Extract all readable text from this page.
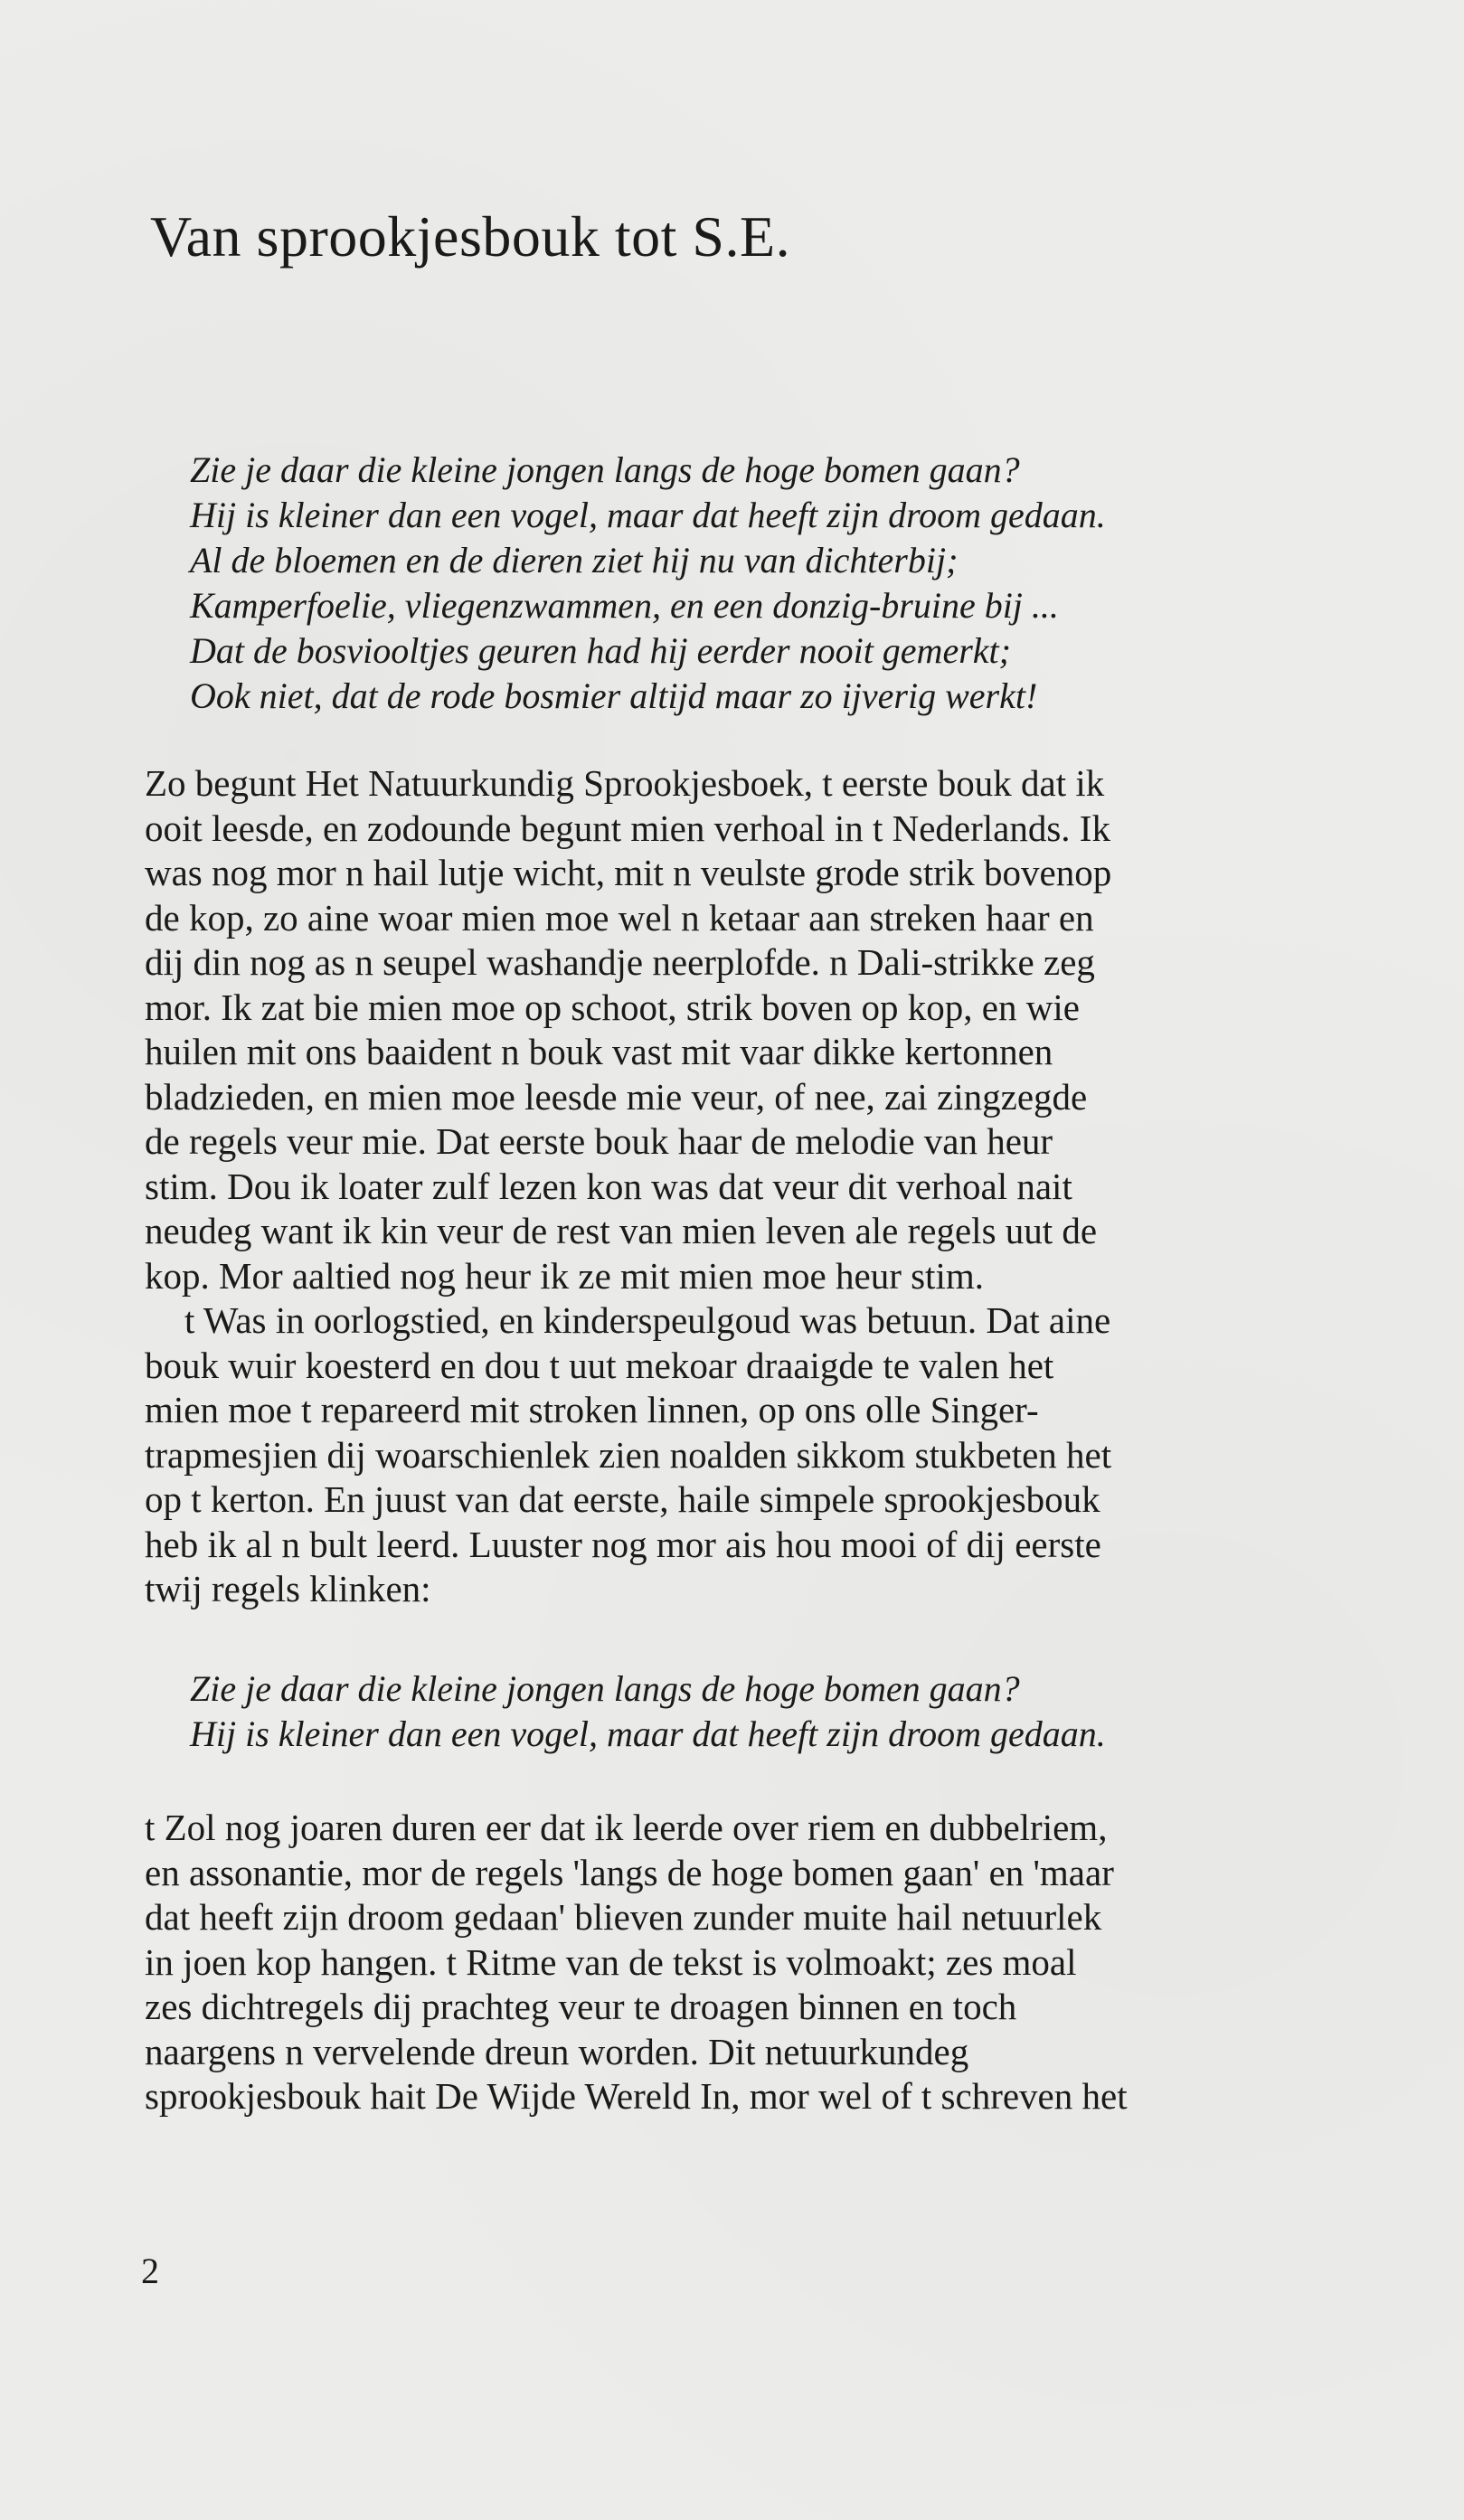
Van sprookjesbouk tot S.E.
Zie je daar die kleine jongen langs de hoge bomen gaan?
Hij is kleiner dan een vogel, maar dat heeft zijn droom gedaan.
Al de bloemen en de dieren ziet hij nu van dichterbij;
Kamperfoelie, vliegenzwammen, en een donzig-bruine bij ...
Dat de bosviooltjes geuren had hij eerder nooit gemerkt;
Ook niet, dat de rode bosmier altijd maar zo ijverig werkt!
Zo begunt Het Natuurkundig Sprookjesboek, t eerste bouk dat ik
ooit leesde, en zodounde begunt mien verhoal in t Nederlands. Ik
was nog mor n hail lutje wicht, mit n veulste grode strik bovenop
de kop, zo aine woar mien moe wel n ketaar aan streken haar en
dij din nog as n seupel washandje neerplofde. n Dali-strikke zeg
mor. Ik zat bie mien moe op schoot, strik boven op kop, en wie
huilen mit ons baaident n bouk vast mit vaar dikke kertonnen
bladzieden, en mien moe leesde mie veur, of nee, zai zingzegde
de regels veur mie. Dat eerste bouk haar de melodie van heur
stim. Dou ik loater zulf lezen kon was dat veur dit verhoal nait
neudeg want ik kin veur de rest van mien leven ale regels uut de
kop. Mor aaltied nog heur ik ze mit mien moe heur stim.
t Was in oorlogstied, en kinderspeulgoud was betuun. Dat aine
bouk wuir koesterd en dou t uut mekoar draaigde te valen het
mien moe t repareerd mit stroken linnen, op ons olle Singer-
trapmesjien dij woarschienlek zien noalden sikkom stukbeten het
op t kerton. En juust van dat eerste, haile simpele sprookjesbouk
heb ik al n bult leerd. Luuster nog mor ais hou mooi of dij eerste
twij regels klinken:
Zie je daar die kleine jongen langs de hoge bomen gaan?
Hij is kleiner dan een vogel, maar dat heeft zijn droom gedaan.
t Zol nog joaren duren eer dat ik leerde over riem en dubbelriem,
en assonantie, mor de regels 'langs de hoge bomen gaan' en 'maar
dat heeft zijn droom gedaan' blieven zunder muite hail netuurlek
in joen kop hangen. t Ritme van de tekst is volmoakt; zes moal
zes dichtregels dij prachteg veur te droagen binnen en toch
naargens n vervelende dreun worden. Dit netuurkundeg
sprookjesbouk hait De Wijde Wereld In, mor wel of t schreven het
2
